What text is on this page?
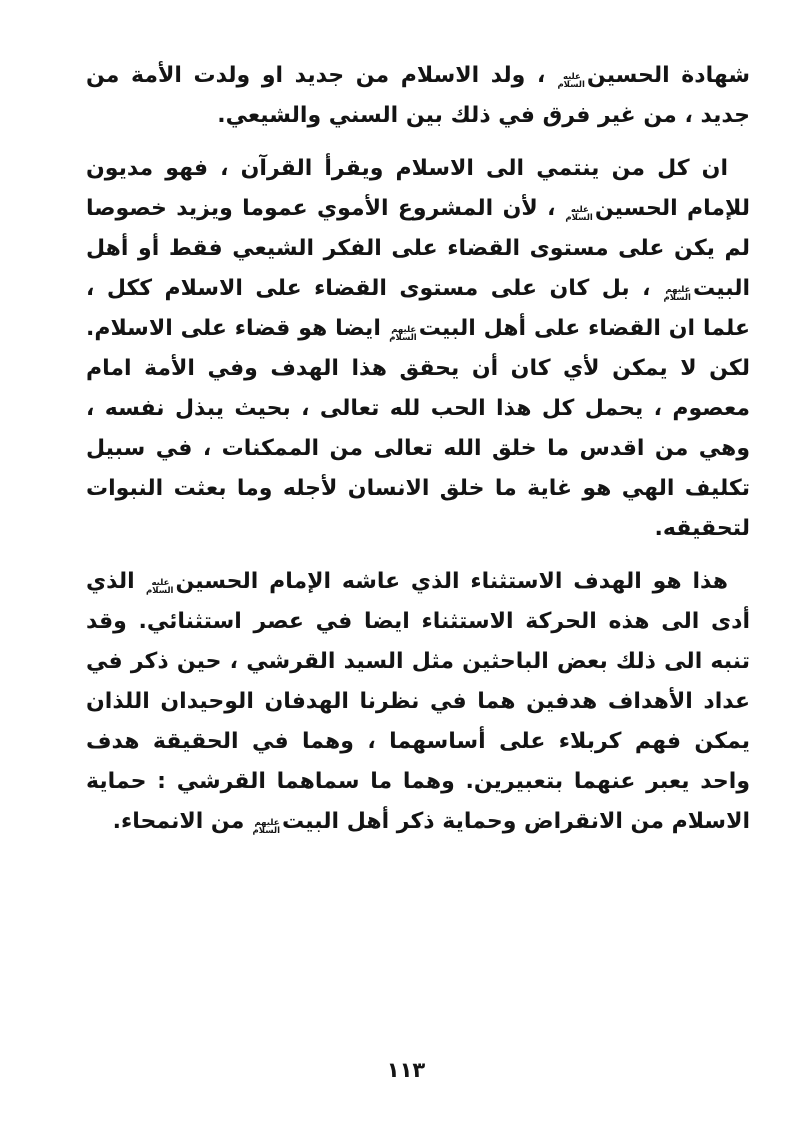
شهادة الحسينعليه السلام ، ولد الاسلام من جديد او ولدت الأمة من جديد ، من غير فرق في ذلك بين السني والشيعي.

ان كل من ينتمي الى الاسلام ويقرأ القرآن ، فهو مديون للإمام الحسينعليه السلام ، لأن المشروع الأموي عموما ويزيد خصوصا لم يكن على مستوى القضاء على الفكر الشيعي فقط أو أهل البيتعليهم السلام ، بل كان على مستوى القضاء على الاسلام ككل ، علما ان القضاء على أهل البيتعليهم السلام ايضا هو قضاء على الاسلام. لكن لا يمكن لأي كان أن يحقق هذا الهدف وفي الأمة امام معصوم ، يحمل كل هذا الحب لله تعالى ، بحيث يبذل نفسه ، وهي من اقدس ما خلق الله تعالى من الممكنات ، في سبيل تكليف الهي هو غاية ما خلق الانسان لأجله وما بعثت النبوات لتحقيقه.

هذا هو الهدف الاستثناء الذي عاشه الإمام الحسينعليه السلام الذي أدى الى هذه الحركة الاستثناء ايضا في عصر استثنائي. وقد تنبه الى ذلك بعض الباحثين مثل السيد القرشي ، حين ذكر في عداد الأهداف هدفين هما في نظرنا الهدفان الوحيدان اللذان يمكن فهم كربلاء على أساسهما ، وهما في الحقيقة هدف واحد يعبر عنهما بتعبيرين. وهما ما سماهما القرشي : حماية الاسلام من الانقراض وحماية ذكر أهل البيتعليهم السلام من الانمحاء.

١١٣
